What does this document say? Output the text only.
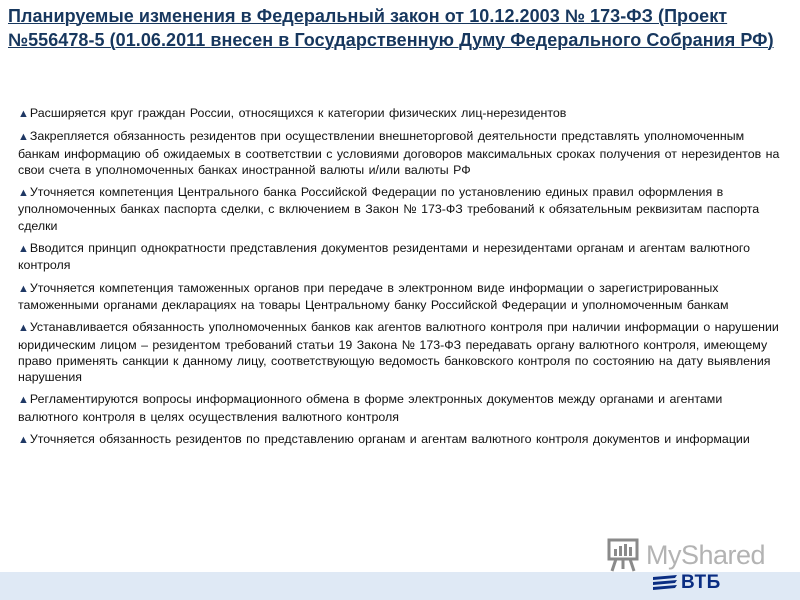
Планируемые изменения в Федеральный закон от 10.12.2003 № 173-ФЗ (Проект №556478-5 (01.06.2011 внесен в Государственную Думу Федерального Собрания РФ)

▲Расширяется круг граждан России, относящихся к категории физических лиц-нерезидентов

▲Закрепляется обязанность резидентов при осуществлении внешнеторговой деятельности представлять уполномоченным банкам информацию об ожидаемых в соответствии с условиями договоров максимальных сроках получения от нерезидентов на свои счета в уполномоченных банках иностранной валюты и/или валюты РФ

▲Уточняется компетенция Центрального банка Российской Федерации по установлению единых правил оформления в уполномоченных банках паспорта сделки, с включением в Закон № 173-ФЗ требований к обязательным реквизитам паспорта сделки

▲Вводится принцип однократности представления документов резидентами и нерезидентами органам и агентам валютного контроля

▲Уточняется компетенция таможенных органов при передаче в электронном виде информации о зарегистрированных таможенными органами декларациях на товары Центральному банку Российской Федерации и уполномоченным банкам

▲Устанавливается обязанность уполномоченных банков как агентов валютного контроля при наличии информации о нарушении юридическим лицом – резидентом требований статьи 19 Закона № 173-ФЗ передавать органу валютного контроля, имеющему право применять санкции к данному лицу, соответствующую ведомость банковского контроля по состоянию на дату выявления нарушения

▲Регламентируются вопросы информационного обмена в форме электронных документов между органами и агентами валютного контроля в целях осуществления валютного контроля

▲Уточняется обязанность резидентов по представлению органам и агентам валютного контроля документов и информации

MyShared
ВТБ
